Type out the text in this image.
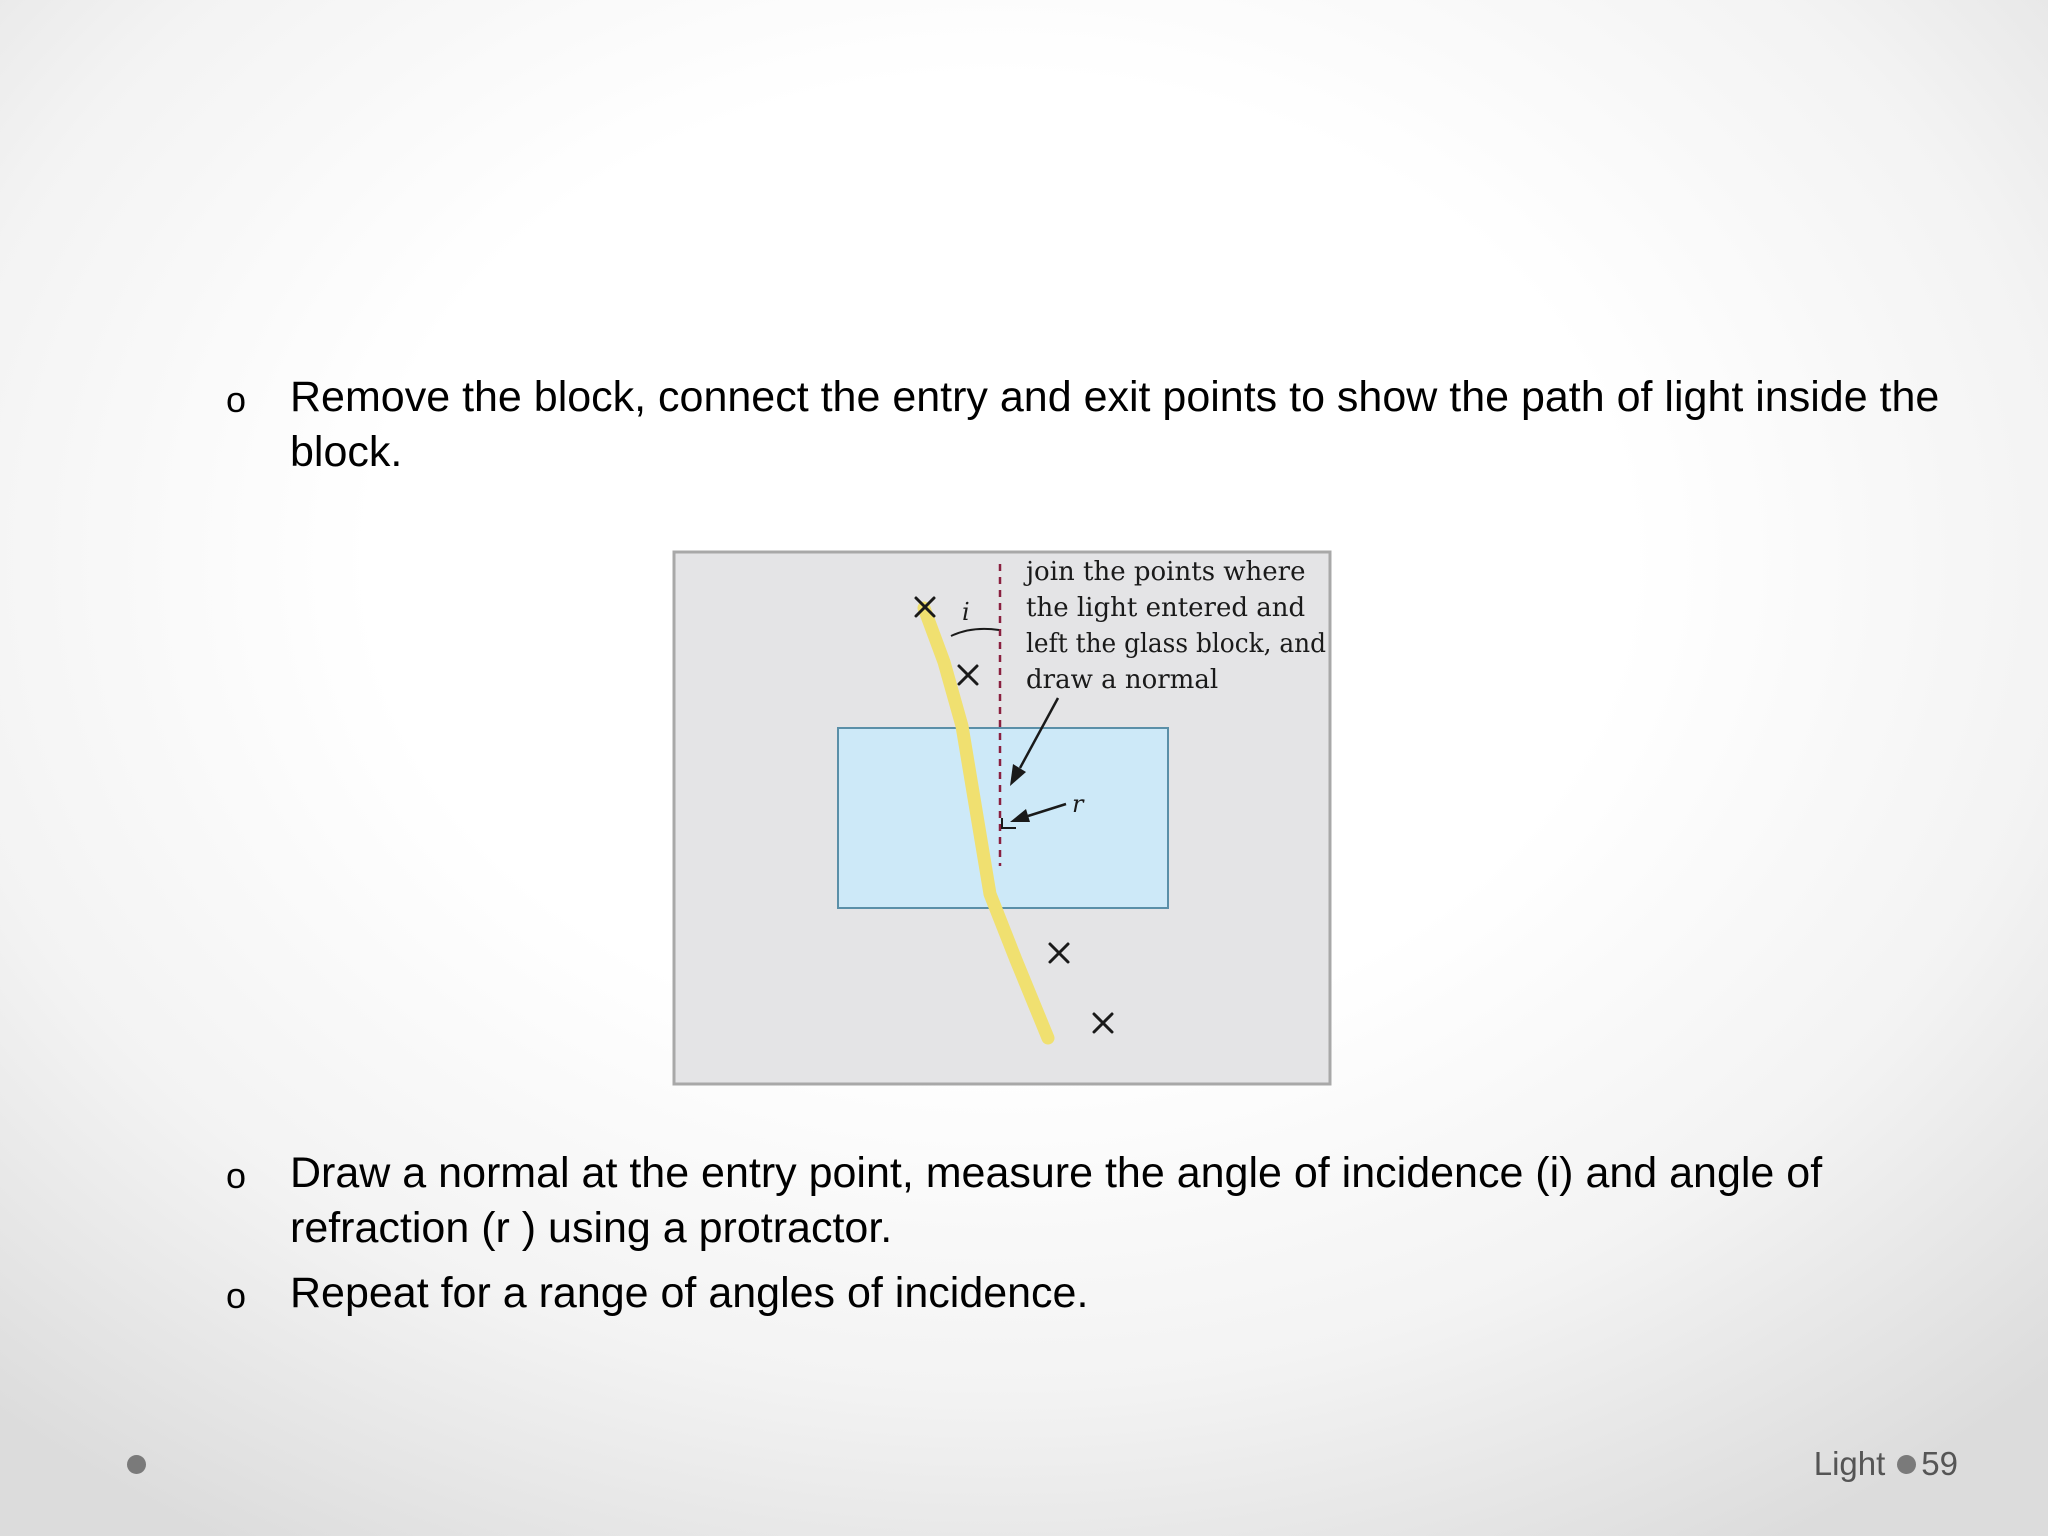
o Remove the block, connect the entry and exit points to show the path of light inside the block.
i
r
join the points where
the light entered and
left the glass block, and
draw a normal
o Draw a normal at the entry point, measure the angle of incidence (i) and angle of refraction (r ) using a protractor.
o Repeat for a range of angles of incidence.
Light 59
